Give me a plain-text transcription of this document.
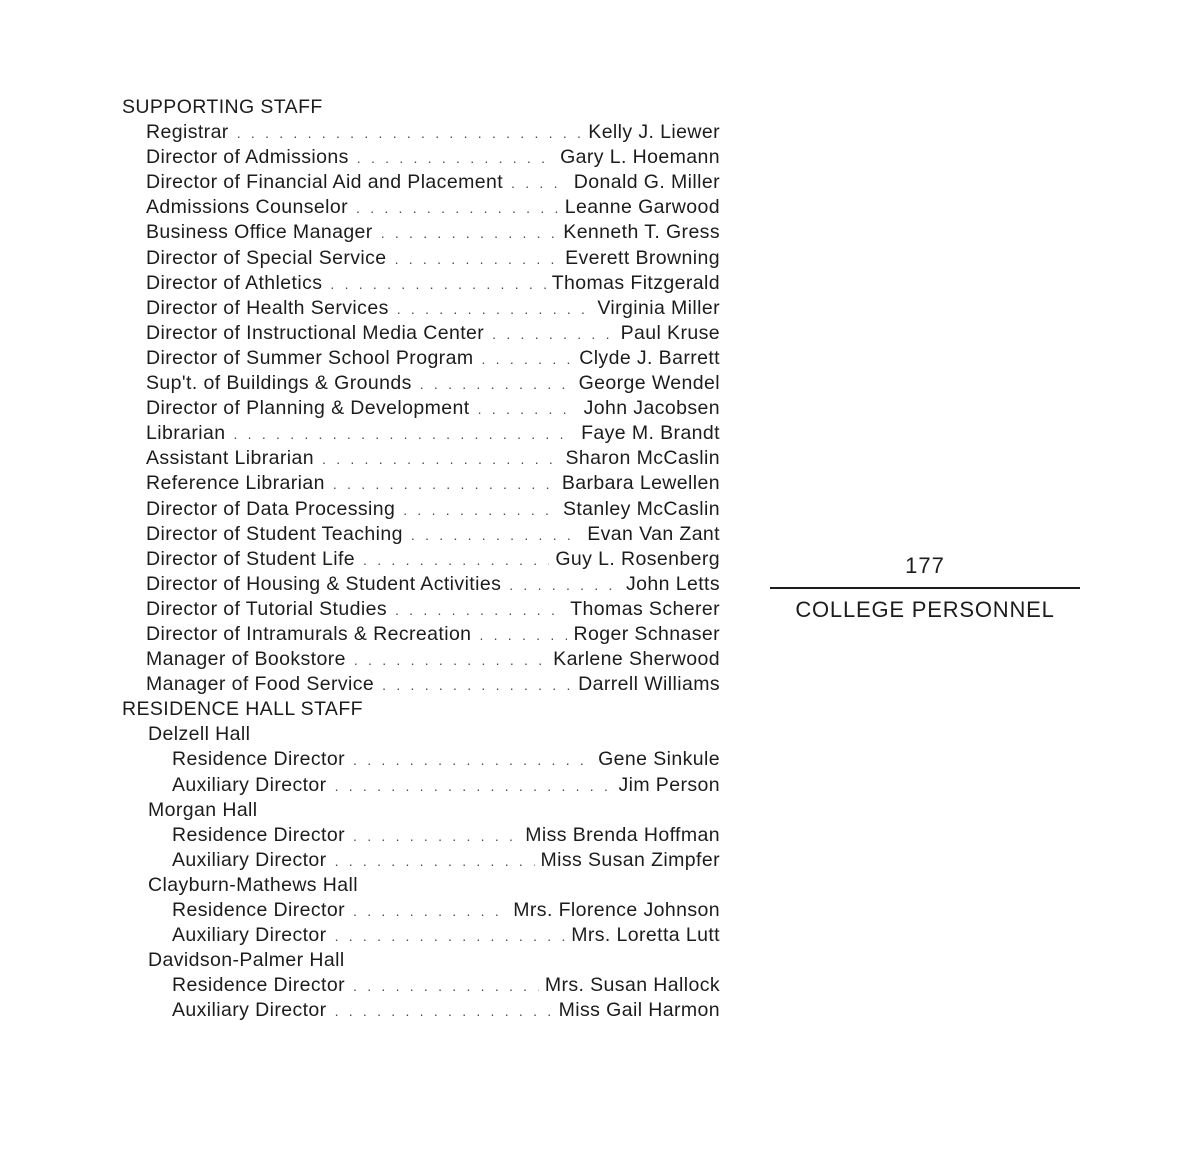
SUPPORTING STAFF
Registrar . . .	Kelly J. Liewer
Director of Admissions . . .	Gary L. Hoemann
Director of Financial Aid and Placement . . .	Donald G. Miller
Admissions Counselor . . .	Leanne Garwood
Business Office Manager . . .	Kenneth T. Gress
Director of Special Service . . .	Everett Browning
Director of Athletics . . .	Thomas Fitzgerald
Director of Health Services . . .	Virginia Miller
Director of Instructional Media Center . . .	Paul Kruse
Director of Summer School Program . . .	Clyde J. Barrett
Sup't. of Buildings & Grounds . . .	George Wendel
Director of Planning & Development . . .	John Jacobsen
Librarian . . .	Faye M. Brandt
Assistant Librarian . . .	Sharon McCaslin
Reference Librarian . . .	Barbara Lewellen
Director of Data Processing . . .	Stanley McCaslin
Director of Student Teaching . . .	Evan Van Zant
Director of Student Life . . .	Guy L. Rosenberg
Director of Housing & Student Activities . . .	John Letts
Director of Tutorial Studies . . .	Thomas Scherer
Director of Intramurals & Recreation . . .	Roger Schnaser
Manager of Bookstore . . .	Karlene Sherwood
Manager of Food Service . . .	Darrell Williams
RESIDENCE HALL STAFF
Delzell Hall
Residence Director . . .	Gene Sinkule
Auxiliary Director . . .	Jim Person
Morgan Hall
Residence Director . . .	Miss Brenda Hoffman
Auxiliary Director . . .	Miss Susan Zimpfer
Clayburn-Mathews Hall
Residence Director . . .	Mrs. Florence Johnson
Auxiliary Director . . .	Mrs. Loretta Lutt
Davidson-Palmer Hall
Residence Director . . .	Mrs. Susan Hallock
Auxiliary Director . . .	Miss Gail Harmon
177
COLLEGE PERSONNEL
